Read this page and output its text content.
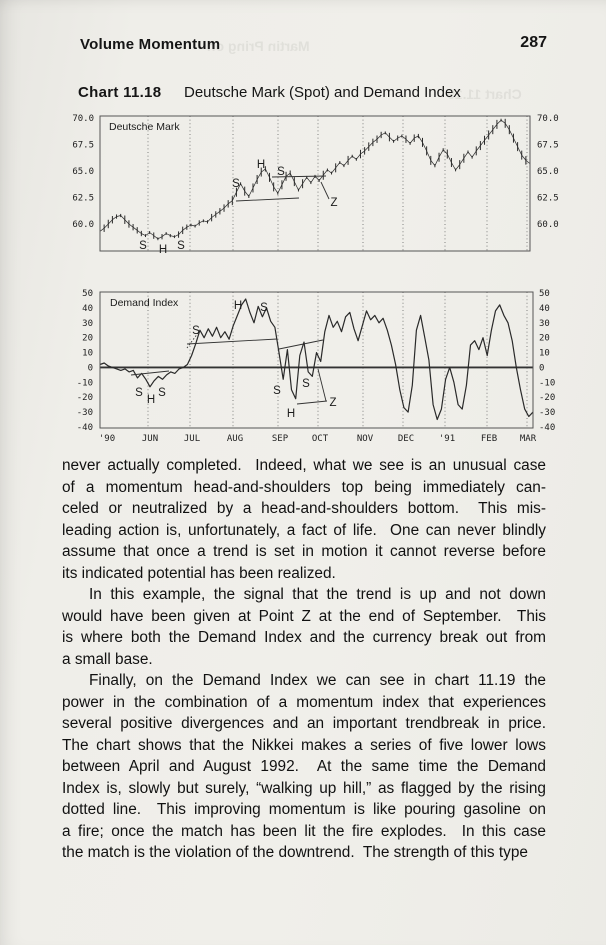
Volume Momentum	287
Martin Pring on
Chart 11.19
Chart 11.18 Deutsche Mark (Spot) and Demand Index
70.0	70.0
67.5	67.5
65.0	65.0
62.5	62.5
60.0	60.0
Deutsche Mark
S H S
S
H
S
Z
50	50
40	40
30	30
20	20
10	10
0	0
-10	-10
-20	-20
-30	-30
-40	-40
'90	JUN	JUL	AUG	SEP	OCT	NOV	DEC	'91	FEB	MAR
Demand Index
S
H
S
S
H S
S
H
S
Z
never actually completed.  Indeed, what we see is an unusual case
of a momentum head-and-shoulders top being immediately can-
celed or neutralized by a head-and-shoulders bottom.  This mis-
leading action is, unfortunately, a fact of life.  One can never blindly
assume that once a trend is set in motion it cannot reverse before
its indicated potential has been realized.
In this example, the signal that the trend is up and not down
would have been given at Point Z at the end of September.  This
is where both the Demand Index and the currency break out from
a small base.
Finally, on the Demand Index we can see in chart 11.19 the
power in the combination of a momentum index that experiences
several positive divergences and an important trendbreak in price.
The chart shows that the Nikkei makes a series of five lower lows
between April and August 1992.  At the same time the Demand
Index is, slowly but surely, “walking up hill,” as flagged by the rising
dotted line.  This improving momentum is like pouring gasoline on
a fire; once the match has been lit the fire explodes.  In this case
the match is the violation of the downtrend.  The strength of this type
